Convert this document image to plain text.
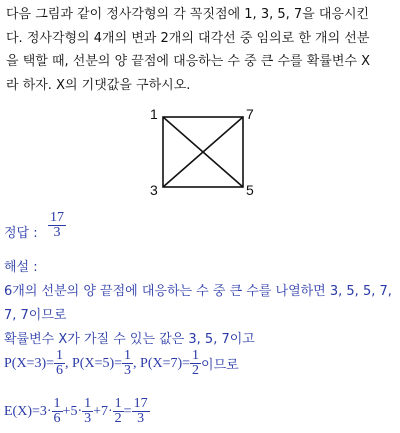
다음 그림과 같이 정사각형의 각 꼭짓점에 1, 3, 5, 7을 대응시킨
다. 정사각형의 4개의 변과 2개의 대각선 중 임의로 한 개의 선분
을 택할 때, 선분의 양 끝점에 대응하는 수 중 큰 수를 확률변수 X
라 하자. X의 기댓값을 구하시오.
1	7
3	5
정답 :
17
3
해설 :
6개의 선분의 양 끝점에 대응하는 수 중 큰 수를 나열하면 3, 5, 5, 7,
7, 7이므로
확률변수 X가 가질 수 있는 값은 3, 5, 7이고
$P(X=3)= \frac{1}{6}$ , $P(X=5)= \frac{1}{3}$ , $P(X=7)= \frac{1}{2}$ 이므로
$E(X)=3\cdot \frac{1}{6} +5\cdot \frac{1}{3} +7\cdot \frac{1}{2} = \frac{17}{3}$
